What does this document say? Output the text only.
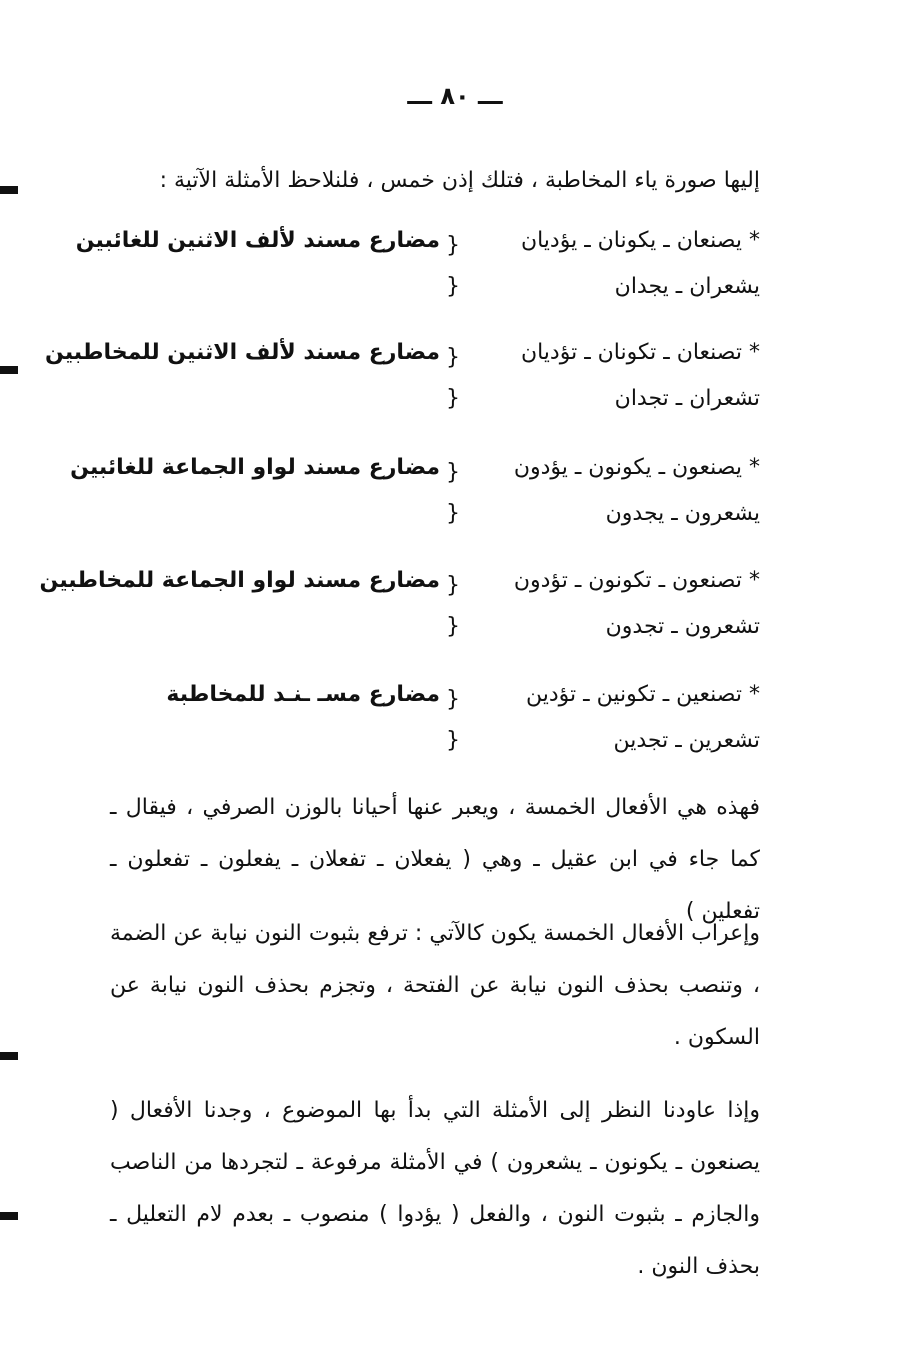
ـــ ٨٠ ـــ
إليها صورة ياء المخاطبة ، فتلك إذن خمس ، فلنلاحظ الأمثلة الآتية :
* يصنعان ـ يكونان ـ يؤديان
{
مضارع مسند لألف الاثنين للغائبين
يشعران ـ يجدان
{
* تصنعان ـ تكونان ـ تؤديان
{
مضارع مسند لألف الاثنين للمخاطبين
تشعران ـ تجدان
{
* يصنعون ـ يكونون ـ يؤدون
{
مضارع مسند لواو الجماعة للغائبين
يشعرون ـ يجدون
{
* تصنعون ـ تكونون ـ تؤدون
{
مضارع مسند لواو الجماعة للمخاطبين
تشعرون ـ تجدون
{
* تصنعين ـ تكونين ـ تؤدين
{
مضارع مسـ ـنـد للمخاطبة
تشعرين ـ تجدين
{
فهذه هي الأفعال الخمسة ، ويعبر عنها أحيانا بالوزن الصرفي ، فيقال ـ كما جاء في ابن عقيل ـ وهي ( يفعلان ـ تفعلان ـ يفعلون ـ تفعلون ـ تفعلين )
وإعراب الأفعال الخمسة يكون كالآتي : ترفع بثبوت النون نيابة عن الضمة ، وتنصب بحذف النون نيابة عن الفتحة ، وتجزم بحذف النون نيابة عن السكون .
وإذا عاودنا النظر إلى الأمثلة التي بدأ بها الموضوع ، وجدنا الأفعال ( يصنعون ـ يكونون ـ يشعرون ) في الأمثلة مرفوعة ـ لتجردها من الناصب والجازم ـ بثبوت النون ، والفعل ( يؤدوا ) منصوب ـ بعدم لام التعليل ـ بحذف النون .
